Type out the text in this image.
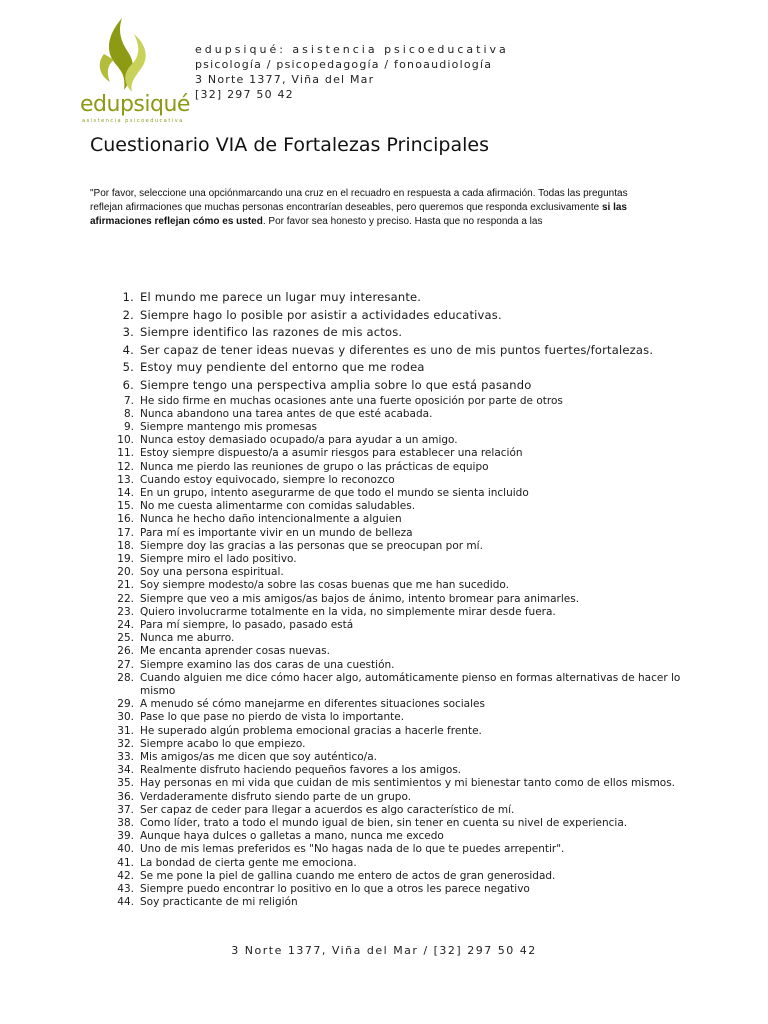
edupsiqué
asistencia psicoeducativa
edupsiqué: asistencia psicoeducativa
psicología / psicopedagogía / fonoaudiología
3 Norte 1377, Viña del Mar
[32] 297 50 42
Cuestionario VIA de Fortalezas Principales
"Por favor, seleccione una opciónmarcando una cruz en el recuadro en respuesta a cada afirmación. Todas las preguntas reflejan afirmaciones que muchas personas encontrarían deseables, pero queremos que responda exclusivamente si las afirmaciones reflejan cómo es usted. Por favor sea honesto y preciso. Hasta que no responda a las
1. El mundo me parece un lugar muy interesante.
2. Siempre hago lo posible por asistir a actividades educativas.
3. Siempre identifico las razones de mis actos.
4. Ser capaz de tener ideas nuevas y diferentes es uno de mis puntos fuertes/fortalezas.
5. Estoy muy pendiente del entorno que me rodea
6. Siempre tengo una perspectiva amplia sobre lo que está pasando
7. He sido firme en muchas ocasiones ante una fuerte oposición por parte de otros
8. Nunca abandono una tarea antes de que esté acabada.
9. Siempre mantengo mis promesas
10. Nunca estoy demasiado ocupado/a para ayudar a un amigo.
11. Estoy siempre dispuesto/a a asumir riesgos para establecer una relación
12. Nunca me pierdo las reuniones de grupo o las prácticas de equipo
13. Cuando estoy equivocado, siempre lo reconozco
14. En un grupo, intento asegurarme de que todo el mundo se sienta incluido
15. No me cuesta alimentarme con comidas saludables.
16. Nunca he hecho daño intencionalmente a alguien
17. Para mí es importante vivir en un mundo de belleza
18. Siempre doy las gracias a las personas que se preocupan por mí.
19. Siempre miro el lado positivo.
20. Soy una persona espiritual.
21. Soy siempre modesto/a sobre las cosas buenas que me han sucedido.
22. Siempre que veo a mis amigos/as bajos de ánimo, intento bromear para animarles.
23. Quiero involucrarme totalmente en la vida, no simplemente mirar desde fuera.
24. Para mí siempre, lo pasado, pasado está
25. Nunca me aburro.
26. Me encanta aprender cosas nuevas.
27. Siempre examino las dos caras de una cuestión.
28. Cuando alguien me dice cómo hacer algo, automáticamente pienso en formas alternativas de hacer lo mismo
29. A menudo sé cómo manejarme en diferentes situaciones sociales
30. Pase lo que pase no pierdo de vista lo importante.
31. He superado algún problema emocional gracias a hacerle frente.
32. Siempre acabo lo que empiezo.
33. Mis amigos/as me dicen que soy auténtico/a.
34. Realmente disfruto haciendo pequeños favores a los amigos.
35. Hay personas en mi vida que cuidan de mis sentimientos y mi bienestar tanto como de ellos mismos.
36. Verdaderamente disfruto siendo parte de un grupo.
37. Ser capaz de ceder para llegar a acuerdos es algo característico de mí.
38. Como líder, trato a todo el mundo igual de bien, sin tener en cuenta su nivel de experiencia.
39. Aunque haya dulces o galletas a mano, nunca me excedo
40. Uno de mis lemas preferidos es "No hagas nada de lo que te puedes arrepentir".
41. La bondad de cierta gente me emociona.
42. Se me pone la piel de gallina cuando me entero de actos de gran generosidad.
43. Siempre puedo encontrar lo positivo en lo que a otros les parece negativo
44. Soy practicante de mi religión
3 Norte 1377, Viña del Mar / [32] 297 50 42
